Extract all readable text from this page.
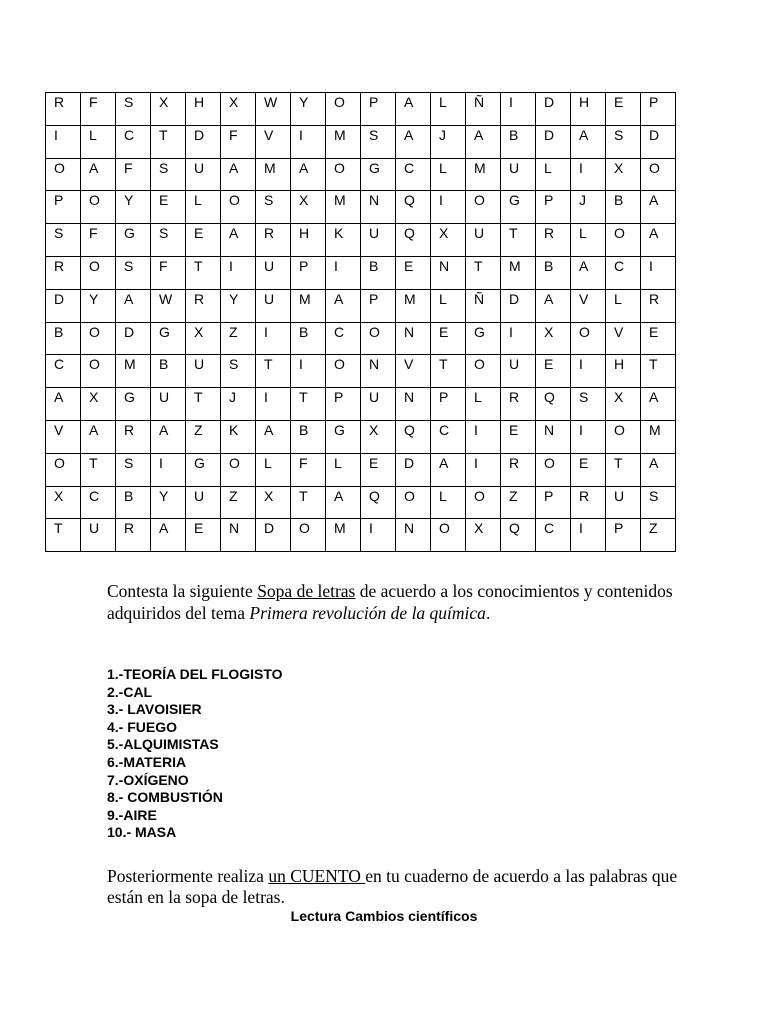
R	F	S	X	H	X	W	Y	O	P	A	L	Ñ	I	D	H	E	P
I	L	C	T	D	F	V	I	M	S	A	J	A	B	D	A	S	D
O	A	F	S	U	A	M	A	O	G	C	L	M	U	L	I	X	O
P	O	Y	E	L	O	S	X	M	N	Q	I	O	G	P	J	B	A
S	F	G	S	E	A	R	H	K	U	Q	X	U	T	R	L	O	A
R	O	S	F	T	I	U	P	I	B	E	N	T	M	B	A	C	I
D	Y	A	W	R	Y	U	M	A	P	M	L	Ñ	D	A	V	L	R
B	O	D	G	X	Z	I	B	C	O	N	E	G	I	X	O	V	E
C	O	M	B	U	S	T	I	O	N	V	T	O	U	E	I	H	T
A	X	G	U	T	J	I	T	P	U	N	P	L	R	Q	S	X	A
V	A	R	A	Z	K	A	B	G	X	Q	C	I	E	N	I	O	M
O	T	S	I	G	O	L	F	L	E	D	A	I	R	O	E	T	A
X	C	B	Y	U	Z	X	T	A	Q	O	L	O	Z	P	R	U	S
T	U	R	A	E	N	D	O	M	I	N	O	X	Q	C	I	P	Z
Contesta la siguiente Sopa de letras de acuerdo a los conocimientos y contenidos adquiridos del tema Primera revolución de la química.
1.-TEORÍA DEL FLOGISTO
2.-CAL
3.- LAVOISIER
4.- FUEGO
5.-ALQUIMISTAS
6.-MATERIA
7.-OXÍGENO
8.- COMBUSTIÓN
9.-AIRE
10.- MASA
Posteriormente realiza un CUENTO en tu cuaderno de acuerdo a las palabras que están en la sopa de letras.
Lectura Cambios científicos
